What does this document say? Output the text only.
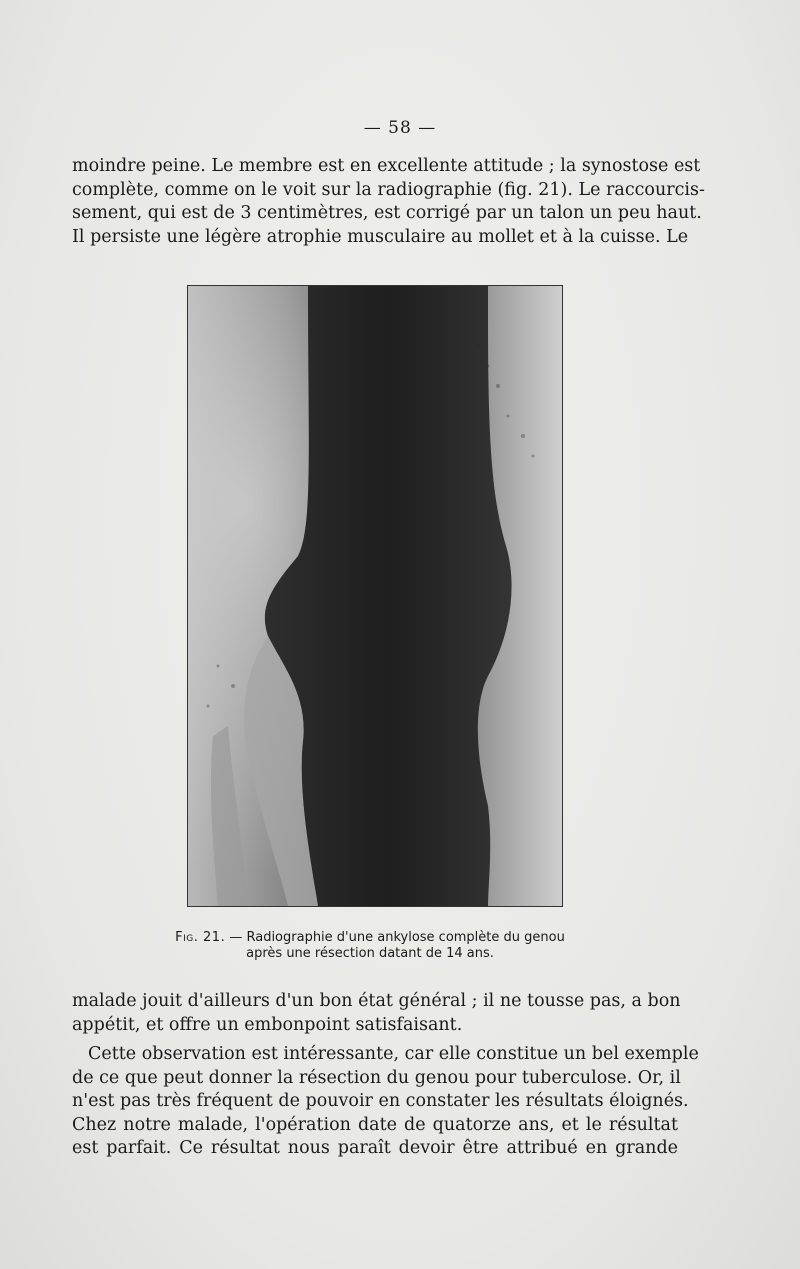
— 58 —
moindre peine. Le membre est en excellente attitude ; la synostose est
complète, comme on le voit sur la radiographie (fig. 21). Le raccourcis-
sement, qui est de 3 centimètres, est corrigé par un talon un peu haut.
Il persiste une légère atrophie musculaire au mollet et à la cuisse. Le
Fig. 21. — Radiographie d'une ankylose complète du genou
après une résection datant de 14 ans.
malade jouit d'ailleurs d'un bon état général ; il ne tousse pas, a bon
appétit, et offre un embonpoint satisfaisant.
Cette observation est intéressante, car elle constitue un bel exemple
de ce que peut donner la résection du genou pour tuberculose. Or, il
n'est pas très fréquent de pouvoir en constater les résultats éloignés.
Chez notre malade, l'opération date de quatorze ans, et le résultat
est parfait. Ce résultat nous paraît devoir être attribué en grande
